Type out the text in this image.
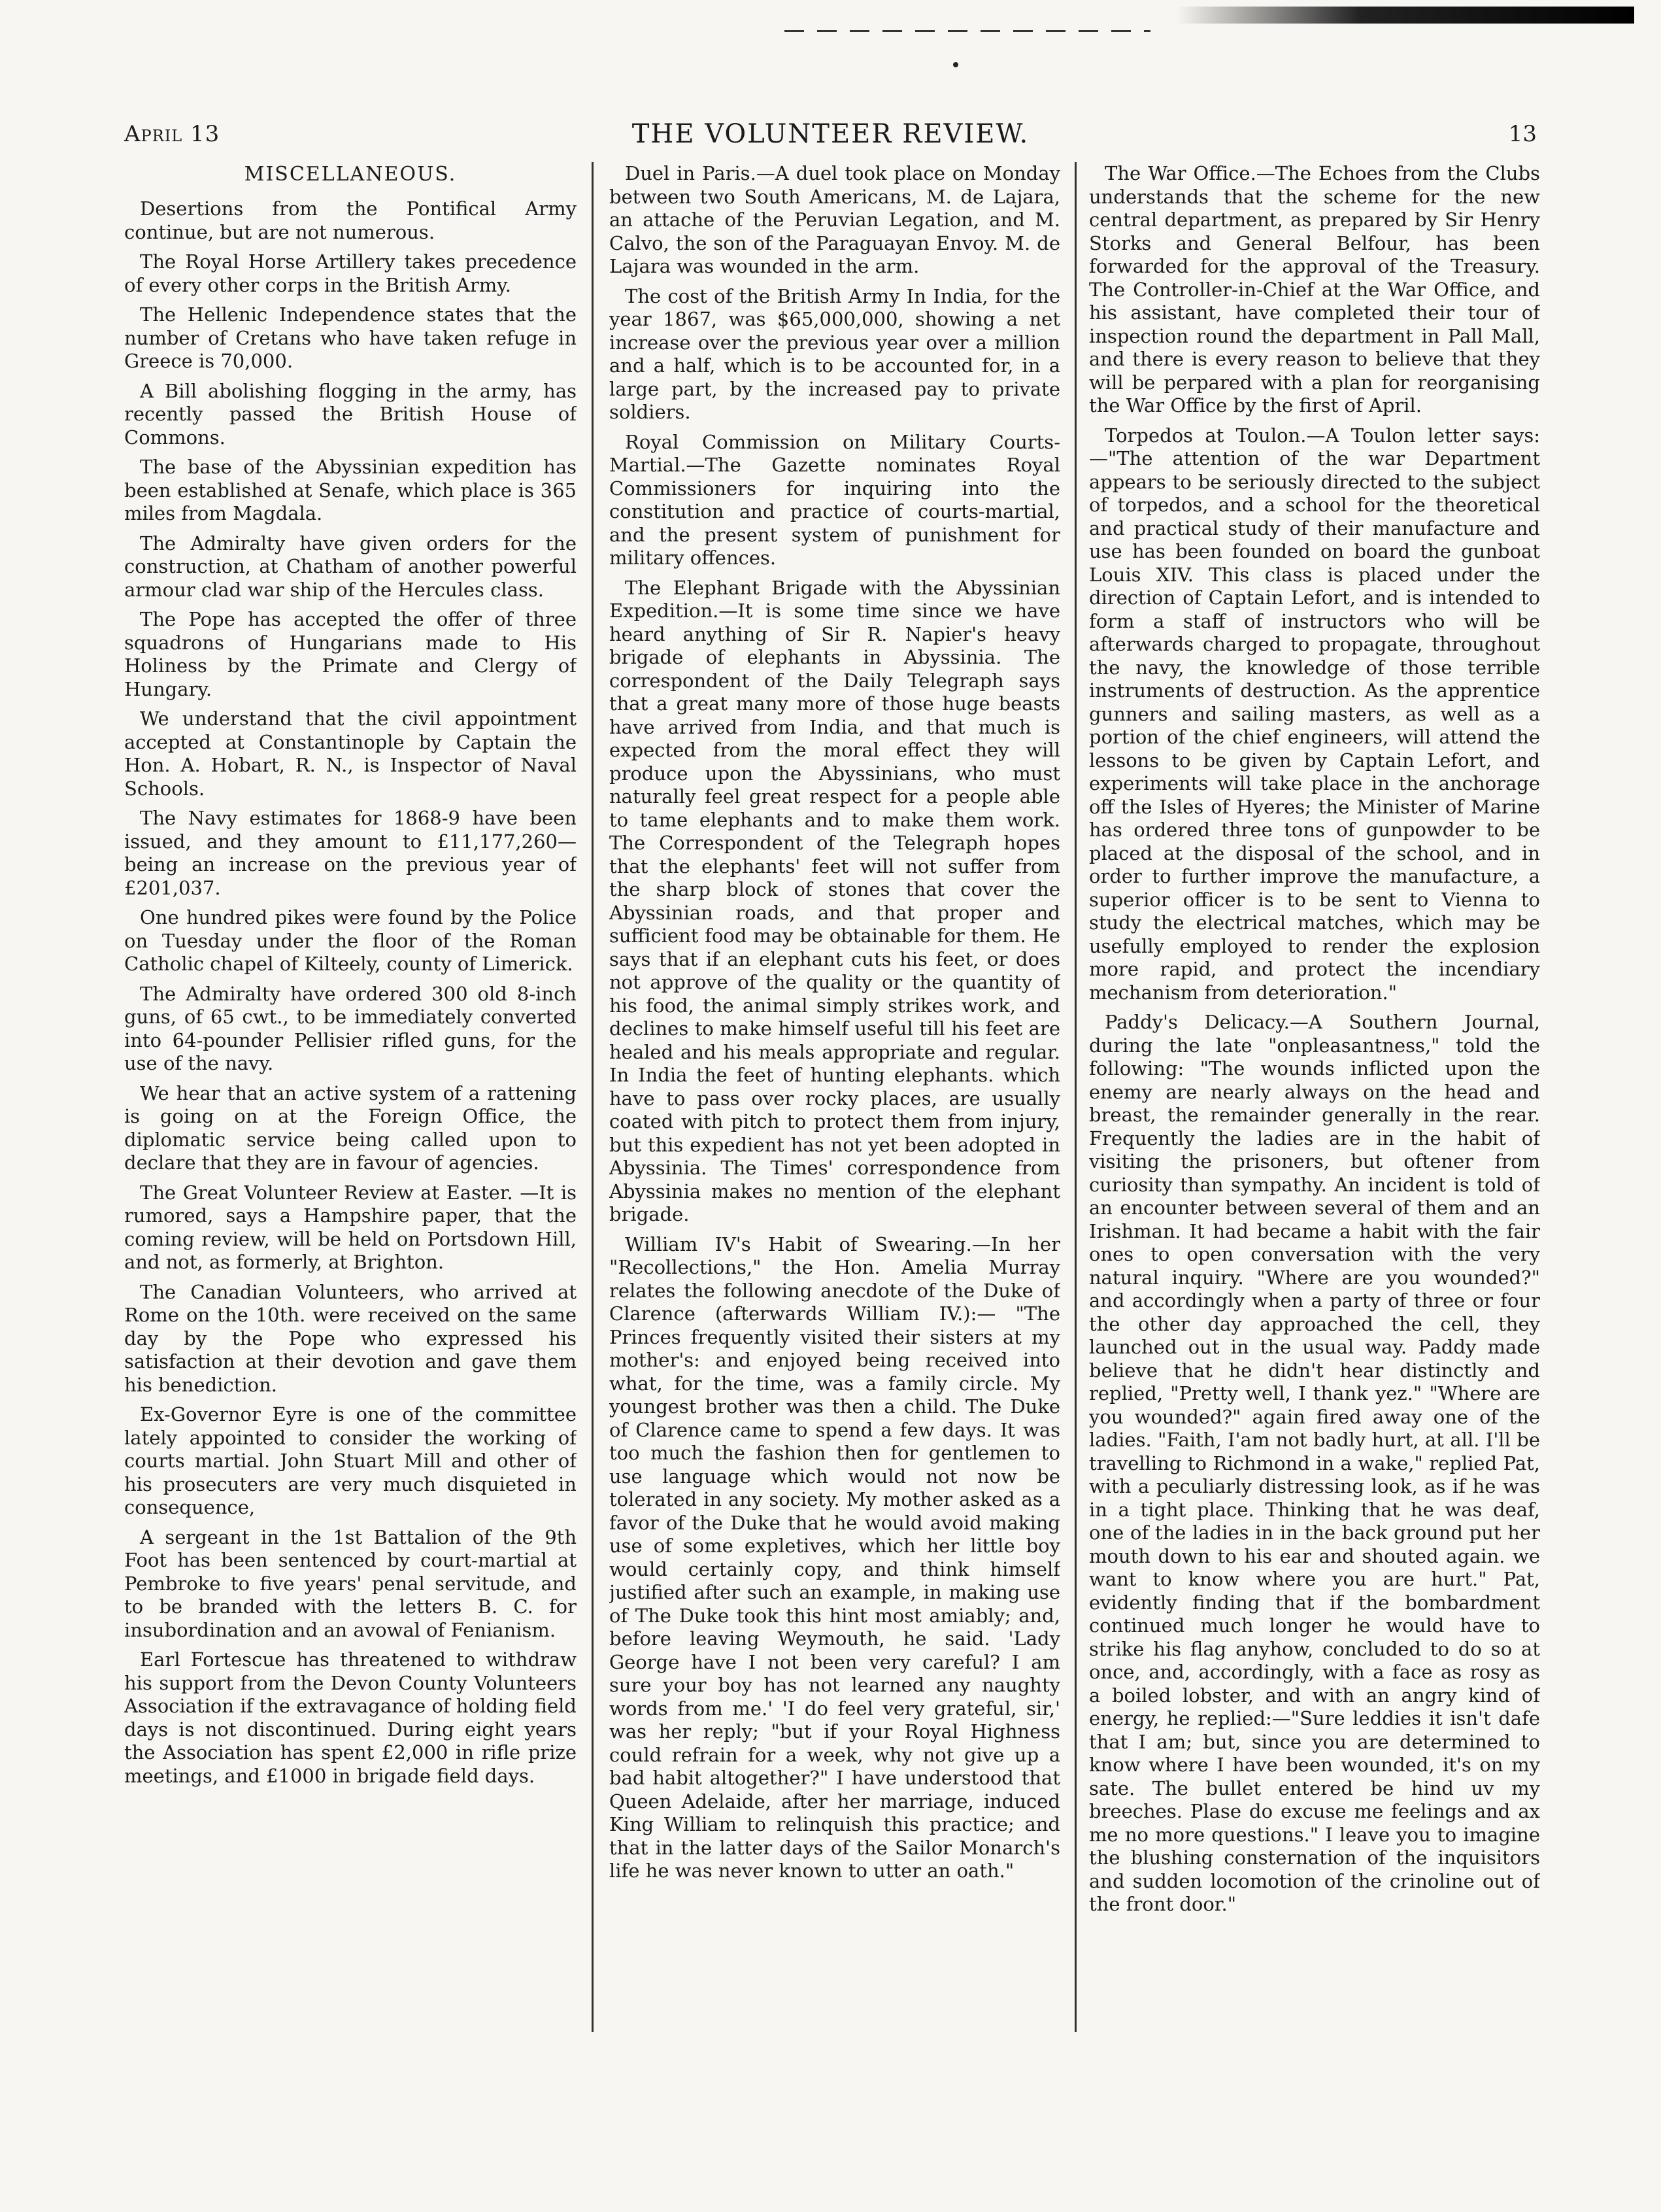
April 13	THE VOLUNTEER REVIEW.	13
MISCELLANEOUS.

Desertions from the Pontifical Army continue, but are not numerous.

The Royal Horse Artillery takes precedence of every other corps in the British Army.

The Hellenic Independence states that the number of Cretans who have taken refuge in Greece is 70,000.

A Bill abolishing flogging in the army, has recently passed the British House of Commons.

The base of the Abyssinian expedition has been established at Senafe, which place is 365 miles from Magdala.

The Admiralty have given orders for the construction, at Chatham of another powerful armour clad war ship of the Hercules class.

The Pope has accepted the offer of three squadrons of Hungarians made to His Holiness by the Primate and Clergy of Hungary.

We understand that the civil appointment accepted at Constantinople by Captain the Hon. A. Hobart, R. N., is Inspector of Naval Schools.

The Navy estimates for 1868-9 have been issued, and they amount to £11,177,260—being an increase on the previous year of £201,037.

One hundred pikes were found by the Police on Tuesday under the floor of the Roman Catholic chapel of Kilteely, county of Limerick.

The Admiralty have ordered 300 old 8-inch guns, of 65 cwt., to be immediately converted into 64-pounder Pellisier rifled guns, for the use of the navy.

We hear that an active system of a rattening is going on at the Foreign Office, the diplomatic service being called upon to declare that they are in favour of agencies.

The Great Volunteer Review at Easter. —It is rumored, says a Hampshire paper, that the coming review, will be held on Portsdown Hill, and not, as formerly, at Brighton.

The Canadian Volunteers, who arrived at Rome on the 10th. were received on the same day by the Pope who expressed his satisfaction at their devotion and gave them his benediction.

Ex-Governor Eyre is one of the committee lately appointed to consider the working of courts martial. John Stuart Mill and other of his prosecuters are very much disquieted in consequence,

A sergeant in the 1st Battalion of the 9th Foot has been sentenced by court-martial at Pembroke to five years' penal servitude, and to be branded with the letters B. C. for insubordination and an avowal of Fenianism.

Earl Fortescue has threatened to withdraw his support from the Devon County Volunteers Association if the extravagance of holding field days is not discontinued. During eight years the Association has spent £2,000 in rifle prize meetings, and £1000 in brigade field days.

Duel in Paris.—A duel took place on Monday between two South Americans, M. de Lajara, an attache of the Peruvian Legation, and M. Calvo, the son of the Paraguayan Envoy. M. de Lajara was wounded in the arm.

The cost of the British Army In India, for the year 1867, was $65,000,000, showing a net increase over the previous year over a million and a half, which is to be accounted for, in a large part, by the increased pay to private soldiers.

Royal Commission on Military Courts-Martial.—The Gazette nominates Royal Commissioners for inquiring into the constitution and practice of courts-martial, and the present system of punishment for military offences.

The Elephant Brigade with the Abyssinian Expedition.—It is some time since we have heard anything of Sir R. Napier's heavy brigade of elephants in Abyssinia. The correspondent of the Daily Telegraph says that a great many more of those huge beasts have arrived from India, and that much is expected from the moral effect they will produce upon the Abyssinians, who must naturally feel great respect for a people able to tame elephants and to make them work. The Correspondent of the Telegraph hopes that the elephants' feet will not suffer from the sharp block of stones that cover the Abyssinian roads, and that proper and sufficient food may be obtainable for them. He says that if an elephant cuts his feet, or does not approve of the quality or the quantity of his food, the animal simply strikes work, and declines to make himself useful till his feet are healed and his meals appropriate and regular. In India the feet of hunting elephants. which have to pass over rocky places, are usually coated with pitch to protect them from injury, but this expedient has not yet been adopted in Abyssinia. The Times' correspondence from Abyssinia makes no mention of the elephant brigade.

William IV's Habit of Swearing.—In her "Recollections," the Hon. Amelia Murray relates the following anecdote of the Duke of Clarence (afterwards William IV.):— "The Princes frequently visited their sisters at my mother's: and enjoyed being received into what, for the time, was a family circle. My youngest brother was then a child. The Duke of Clarence came to spend a few days. It was too much the fashion then for gentlemen to use language which would not now be tolerated in any society. My mother asked as a favor of the Duke that he would avoid making use of some expletives, which her little boy would certainly copy, and think himself justified after such an example, in making use of The Duke took this hint most amiably; and, before leaving Weymouth, he said. 'Lady George have I not been very careful? I am sure your boy has not learned any naughty words from me.' 'I do feel very grateful, sir,' was her reply; "but if your Royal Highness could refrain for a week, why not give up a bad habit altogether?" I have understood that Queen Adelaide, after her marriage, induced King William to relinquish this practice; and that in the latter days of the Sailor Monarch's life he was never known to utter an oath."

The War Office.—The Echoes from the Clubs understands that the scheme for the new central department, as prepared by Sir Henry Storks and General Belfour, has been forwarded for the approval of the Treasury. The Controller-in-Chief at the War Office, and his assistant, have completed their tour of inspection round the department in Pall Mall, and there is every reason to believe that they will be perpared with a plan for reorganising the War Office by the first of April.

Torpedos at Toulon.—A Toulon letter says:—"The attention of the war Department appears to be seriously directed to the subject of torpedos, and a school for the theoretical and practical study of their manufacture and use has been founded on board the gunboat Louis XIV. This class is placed under the direction of Captain Lefort, and is intended to form a staff of instructors who will be afterwards charged to propagate, throughout the navy, the knowledge of those terrible instruments of destruction. As the apprentice gunners and sailing masters, as well as a portion of the chief engineers, will attend the lessons to be given by Captain Lefort, and experiments will take place in the anchorage off the Isles of Hyeres; the Minister of Marine has ordered three tons of gunpowder to be placed at the disposal of the school, and in order to further improve the manufacture, a superior officer is to be sent to Vienna to study the electrical matches, which may be usefully employed to render the explosion more rapid, and protect the incendiary mechanism from deterioration."

Paddy's Delicacy.—A Southern Journal, during the late "onpleasantness," told the following: "The wounds inflicted upon the enemy are nearly always on the head and breast, the remainder generally in the rear. Frequently the ladies are in the habit of visiting the prisoners, but oftener from curiosity than sympathy. An incident is told of an encounter between several of them and an Irishman. It had became a habit with the fair ones to open conversation with the very natural inquiry. "Where are you wounded?" and accordingly when a party of three or four the other day approached the cell, they launched out in the usual way. Paddy made believe that he didn't hear distinctly and replied, "Pretty well, I thank yez." "Where are you wounded?" again fired away one of the ladies. "Faith, I'am not badly hurt, at all. I'll be travelling to Richmond in a wake," replied Pat, with a peculiarly distressing look, as if he was in a tight place. Thinking that he was deaf, one of the ladies in in the back ground put her mouth down to his ear and shouted again. we want to know where you are hurt." Pat, evidently finding that if the bombardment continued much longer he would have to strike his flag anyhow, concluded to do so at once, and, accordingly, with a face as rosy as a boiled lobster, and with an angry kind of energy, he replied:—"Sure leddies it isn't dafe that I am; but, since you are determined to know where I have been wounded, it's on my sate. The bullet entered be hind uv my breeches. Plase do excuse me feelings and ax me no more questions." I leave you to imagine the blushing consternation of the inquisitors and sudden locomotion of the crinoline out of the front door."
